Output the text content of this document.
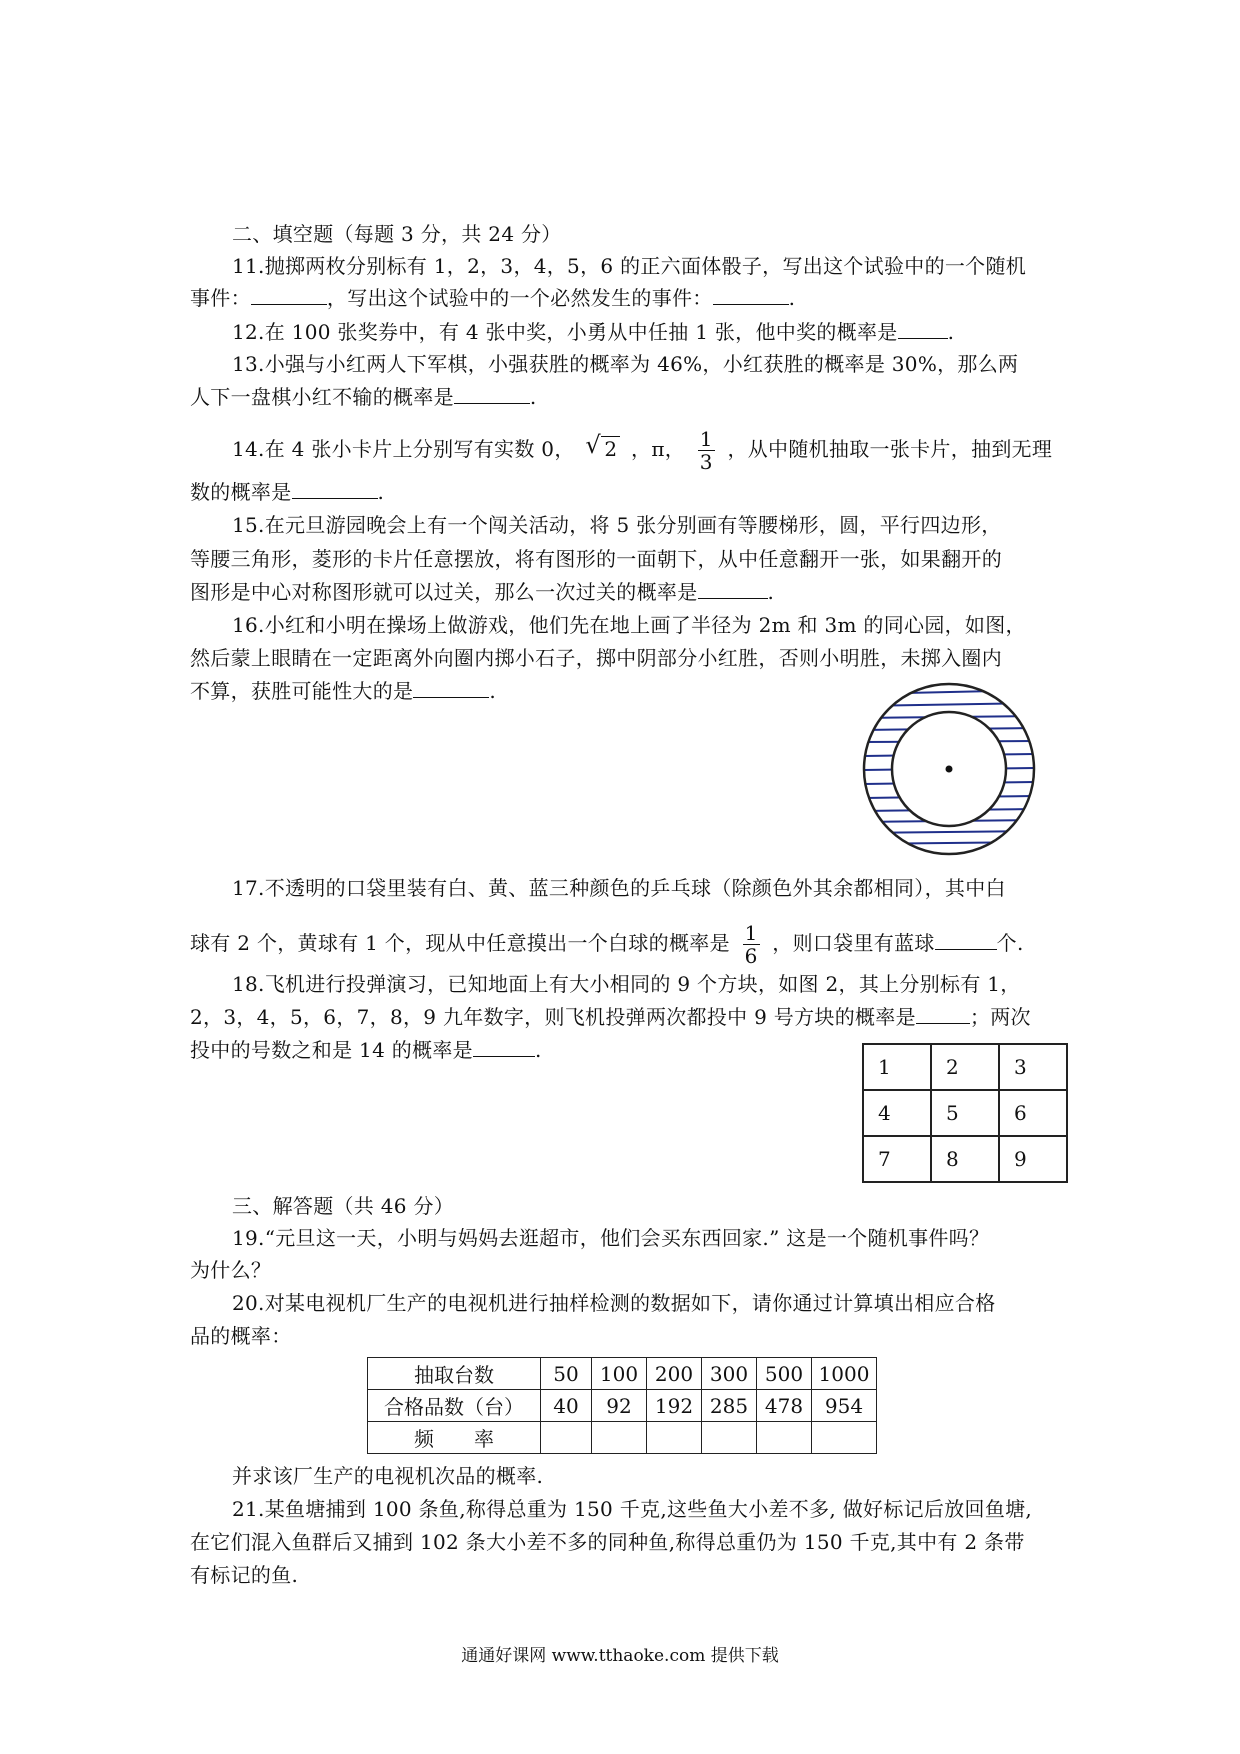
二、填空题（每题 3 分，共 24 分）
11.抛掷两枚分别标有 1，2，3，4，5，6 的正六面体骰子，写出这个试验中的一个随机
事件：	，写出这个试验中的一个必然发生的事件：	.
12.在 100 张奖券中，有 4 张中奖，小勇从中任抽 1 张，他中奖的概率是	.
13.小强与小红两人下军棋，小强获胜的概率为 46%，小红获胜的概率是 30%，那么两
人下一盘棋小红不输的概率是	.
14.在 4 张小卡片上分别写有实数 0， √ 2 ，π， $\frac{1}{3}$ ，从中随机抽取一张卡片，抽到无理
数的概率是	.
15.在元旦游园晚会上有一个闯关活动，将 5 张分别画有等腰梯形，圆，平行四边形，
等腰三角形，菱形的卡片任意摆放，将有图形的一面朝下，从中任意翻开一张，如果翻开的
图形是中心对称图形就可以过关，那么一次过关的概率是	.
16.小红和小明在操场上做游戏，他们先在地上画了半径为 2m 和 3m 的同心园，如图，
然后蒙上眼睛在一定距离外向圈内掷小石子，掷中阴部分小红胜，否则小明胜，未掷入圈内
不算，获胜可能性大的是	.
17.不透明的口袋里装有白、黄、蓝三种颜色的乒乓球（除颜色外其余都相同），其中白
球有 2 个，黄球有 1 个，现从中任意摸出一个白球的概率是 $\frac{1}{6}$ ，则口袋里有蓝球	个.
18.飞机进行投弹演习，已知地面上有大小相同的 9 个方块，如图 2，其上分别标有 1，
2，3，4，5，6，7，8，9 九年数字，则飞机投弹两次都投中 9 号方块的概率是	；两次
投中的号数之和是 14 的概率是	.
1	2	3
4	5	6
7	8	9
三、解答题（共 46 分）
19.“元旦这一天，小明与妈妈去逛超市，他们会买东西回家.” 这是一个随机事件吗？
为什么？
20.对某电视机厂生产的电视机进行抽样检测的数据如下，请你通过计算填出相应合格
品的概率：
抽取台数	50	100	200	300	500	1000
合格品数（台）	40	92	192	285	478	954
频　　率						
并求该厂生产的电视机次品的概率.
21.某鱼塘捕到 100 条鱼,称得总重为 150 千克,这些鱼大小差不多, 做好标记后放回鱼塘,
在它们混入鱼群后又捕到 102 条大小差不多的同种鱼,称得总重仍为 150 千克,其中有 2 条带
有标记的鱼.
通通好课网 www.tthaoke.com 提供下载
